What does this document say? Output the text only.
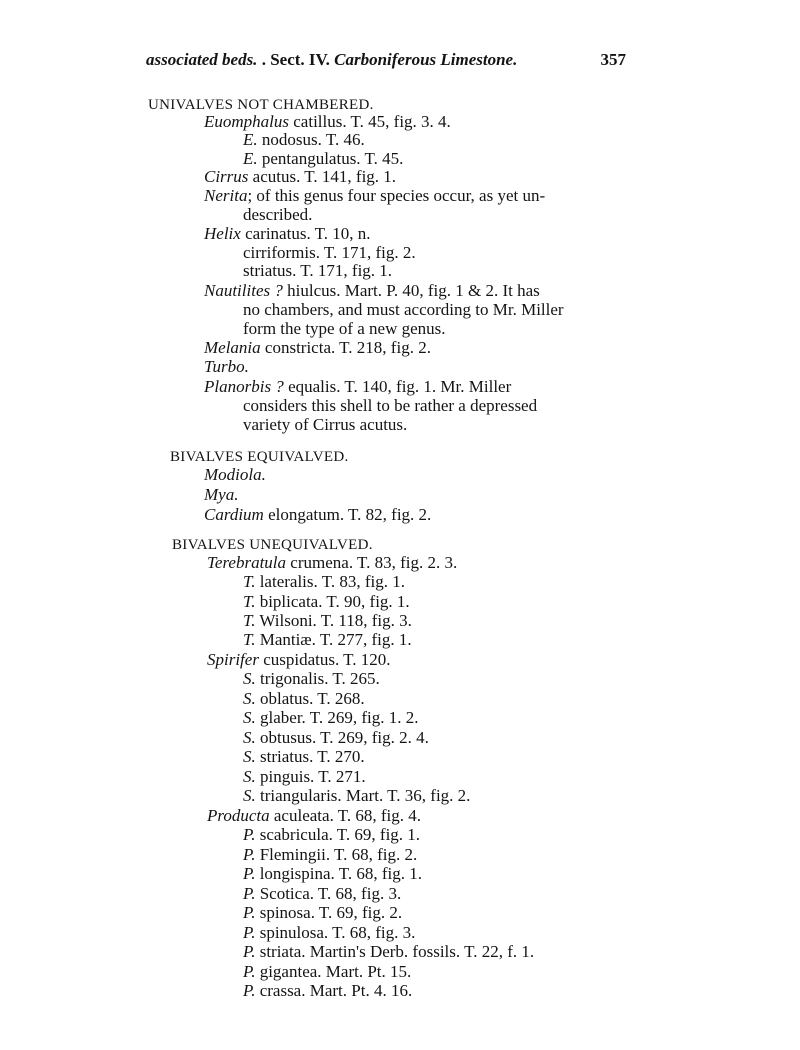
associated beds. . Sect. IV. Carboniferous Limestone.	357
UNIVALVES NOT CHAMBERED.
Euomphalus catillus. T. 45, fig. 3. 4.
E. nodosus. T. 46.
E. pentangulatus. T. 45.
Cirrus acutus. T. 141, fig. 1.
Nerita; of this genus four species occur, as yet un-
described.
Helix carinatus. T. 10, n.
cirriformis. T. 171, fig. 2.
striatus. T. 171, fig. 1.
Nautilites ? hiulcus. Mart. P. 40, fig. 1 & 2. It has
no chambers, and must according to Mr. Miller
form the type of a new genus.
Melania constricta. T. 218, fig. 2.
Turbo.
Planorbis ? equalis. T. 140, fig. 1. Mr. Miller
considers this shell to be rather a depressed
variety of Cirrus acutus.
BIVALVES EQUIVALVED.
Modiola.
Mya.
Cardium elongatum. T. 82, fig. 2.
BIVALVES UNEQUIVALVED.
Terebratula crumena. T. 83, fig. 2. 3.
T. lateralis. T. 83, fig. 1.
T. biplicata. T. 90, fig. 1.
T. Wilsoni. T. 118, fig. 3.
T. Mantiæ. T. 277, fig. 1.
Spirifer cuspidatus. T. 120.
S. trigonalis. T. 265.
S. oblatus. T. 268.
S. glaber. T. 269, fig. 1. 2.
S. obtusus. T. 269, fig. 2. 4.
S. striatus. T. 270.
S. pinguis. T. 271.
S. triangularis. Mart. T. 36, fig. 2.
Producta aculeata. T. 68, fig. 4.
P. scabricula. T. 69, fig. 1.
P. Flemingii. T. 68, fig. 2.
P. longispina. T. 68, fig. 1.
P. Scotica. T. 68, fig. 3.
P. spinosa. T. 69, fig. 2.
P. spinulosa. T. 68, fig. 3.
P. striata. Martin's Derb. fossils. T. 22, f. 1.
P. gigantea. Mart. Pt. 15.
P. crassa. Mart. Pt. 4. 16.
